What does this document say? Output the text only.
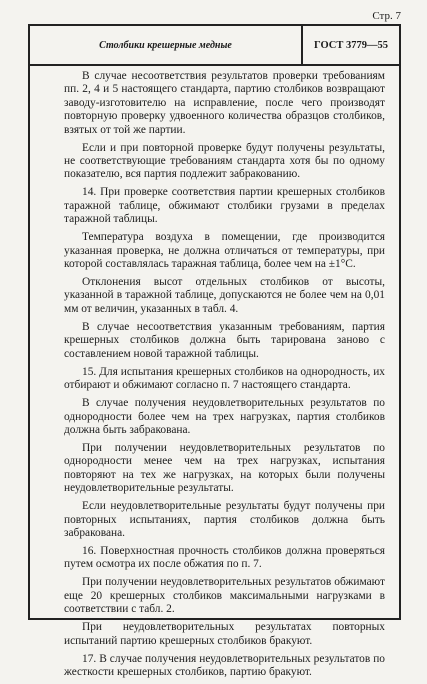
Стр. 7
Столбики крешерные медные	ГОСТ 3779—55

В случае несоответствия результатов проверки требованиям пп. 2, 4 и 5 настоящего стандарта, партию столбиков возвращают заводу-изготовителю на исправление, после чего производят повторную проверку удвоенного количества образцов столбиков, взятых от той же партии.

Если и при повторной проверке будут получены результаты, не соответствующие требованиям стандарта хотя бы по одному показателю, вся партия подлежит забракованию.

14. При проверке соответствия партии крешерных столбиков таражной таблице, обжимают столбики грузами в пределах таражной таблицы.

Температура воздуха в помещении, где производится указанная проверка, не должна отличаться от температуры, при которой составлялась таражная таблица, более чем на ±1°C.

Отклонения высот отдельных столбиков от высоты, указанной в таражной таблице, допускаются не более чем на 0,01 мм от величин, указанных в табл. 4.

В случае несоответствия указанным требованиям, партия крешерных столбиков должна быть тарирована заново с составлением новой таражной таблицы.

15. Для испытания крешерных столбиков на однородность, их отбирают и обжимают согласно п. 7 настоящего стандарта.

В случае получения неудовлетворительных результатов по однородности более чем на трех нагрузках, партия столбиков должна быть забракована.

При получении неудовлетворительных результатов по однородности менее чем на трех нагрузках, испытания повторяют на тех же нагрузках, на которых были получены неудовлетворительные результаты.

Если неудовлетворительные результаты будут получены при повторных испытаниях, партия столбиков должна быть забракована.

16. Поверхностная прочность столбиков должна проверяться путем осмотра их после обжатия по п. 7.

При получении неудовлетворительных результатов обжимают еще 20 крешерных столбиков максимальными нагрузками в соответствии с табл. 2.

При неудовлетворительных результатах повторных испытаний партию крешерных столбиков бракуют.

17. В случае получения неудовлетворительных результатов по жесткости крешерных столбиков, партию бракуют.
